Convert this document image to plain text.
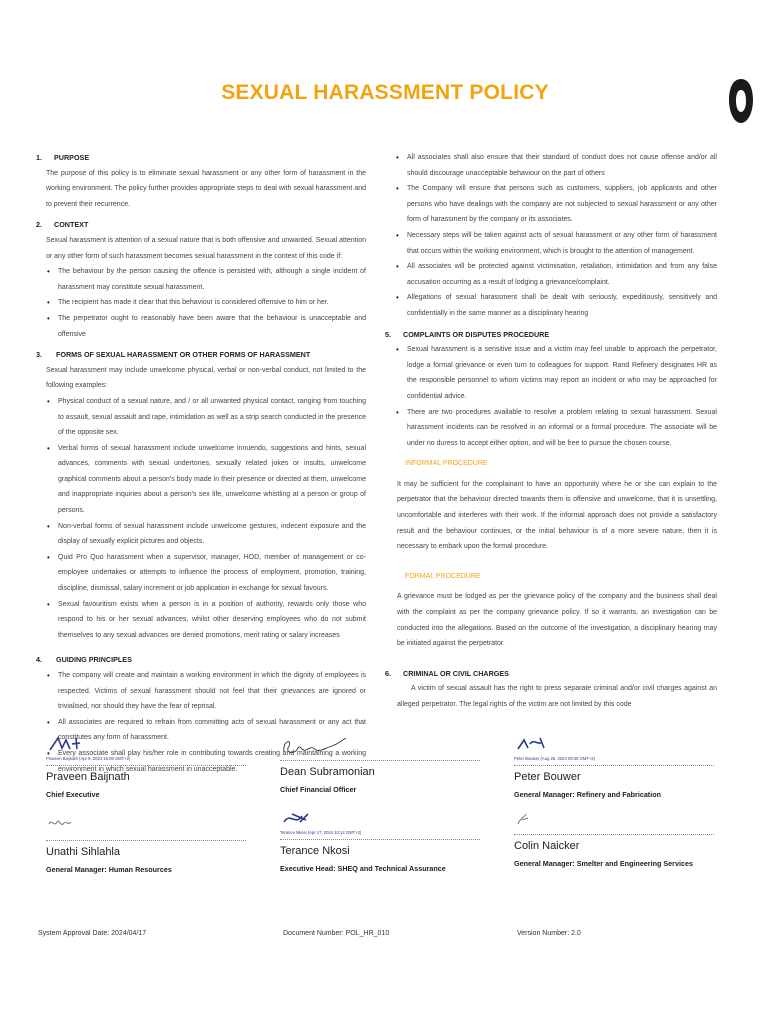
SEXUAL HARASSMENT POLICY
1.	PURPOSE

The purpose of this policy is to eliminate sexual harassment or any other form of harassment in the working environment. The policy further provides appropriate steps to deal with sexual harassment and to prevent their recurrence.

2.	CONTEXT

Sexual harassment is attention of a sexual nature that is both offensive and unwanted. Sexual attention or any other form of such harassment becomes sexual harassment in the context of this code if:

• The behaviour by the person causing the offence is persisted with, although a single incident of harassment may constitute sexual harassment.
• The recipient has made it clear that this behaviour is considered offensive to him or her.
• The perpetrator ought to reasonably have been aware that the behaviour is unacceptable and offensive
3.	FORMS OF SEXUAL HARASSMENT OR OTHER FORMS OF HARASSMENT

Sexual harassment may include unwelcome physical, verbal or non-verbal conduct, not limited to the following examples:

• Physical conduct of a sexual nature, and / or all unwanted physical contact, ranging from touching to assault, sexual assault and rape, intimidation as well as a strip search conducted in the presence of the opposite sex.
• Verbal forms of sexual harassment include unwelcome innuendo, suggestions and hints, sexual advances, comments with sexual undertones, sexually related jokes or insults, unwelcome graphical comments about a person's body made in their presence or directed at them, unwelcome and inappropriate inquiries about a person's sex life, unwelcome whistling at a person or group of persons.
• Non-verbal forms of sexual harassment include unwelcome gestures, indecent exposure and the display of sexually explicit pictures and objects.
• Quid Pro Quo harassment when a supervisor, manager, HOD, member of management or co-employee undertakes or attempts to influence the process of employment, promotion, training, discipline, dismissal, salary increment or job application in exchange for sexual favours.
• Sexual favouritism exists when a person is in a position of authority, rewards only those who respond to his or her sexual advances, whilst other deserving employees who do not submit themselves to any sexual advances are denied promotions, merit rating or salary increases
4.	GUIDING PRINCIPLES
• The company will create and maintain a working environment in which the dignity of employees is respected. Victims of sexual harassment should not feel that their grievances are ignored or trivialised, nor should they have the fear of reprisal.
• All associates are required to refrain from committing acts of sexual harassment or any act that constitutes any form of harassment.
• Every associate shall play his/her role in contributing towards creating and maintaining a working environment in which sexual harassment in unacceptable.
• All associates shall also ensure that their standard of conduct does not cause offense and/or all should discourage unacceptable behaviour on the part of others
• The Company will ensure that persons such as customers, suppliers, job applicants and other persons who have dealings with the company are not subjected to sexual harassment or any other form of harassment by the company or its associates.
• Necessary steps will be taken against acts of sexual harassment or any other form of harassment that occurs within the working environment, which is brought to the attention of management.
• All associates will be protected against victimisation, retaliation, intimidation and from any false accusation occurring as a result of lodging a grievance/complaint.
• Allegations of sexual harassment shall be dealt with seriously, expeditiously, sensitively and confidentially in the same manner as a disciplinary hearing
5.	COMPLAINTS OR DISPUTES PROCEDURE
• Sexual harassment is a sensitive issue and a victim may feel unable to approach the perpetrator, lodge a formal grievance or even turn to colleagues for support. Rand Refinery designates HR as the responsible personnel to whom victims may report an incident or who may be approached for confidential advice.
• There are two procedures available to resolve a problem relating to sexual harassment. Sexual harassment incidents can be resolved in an informal or a formal procedure. The associate will be under no duress to accept either option, and will be free to pursue the chosen course.

INFORMAL PROCEDURE

It may be sufficient for the complainant to have an opportunity where he or she can explain to the perpetrator that the behaviour directed towards them is offensive and unwelcome, that it is unsettling, uncomfortable and interferes with their work. If the informal approach does not provide a satisfactory result and the behaviour continues, or the initial behaviour is of a more severe nature, then it is necessary to embark upon the formal procedure.

FORMAL PROCEDURE

A grievance must be lodged as per the grievance policy of the company and the business shall deal with the complaint as per the company grievance policy. If so it warrants, an investigation can be conducted into the allegations. Based on the outcome of the investigation, a disciplinary hearing may be initiated against the perpetrator.

6.	CRIMINAL OR CIVIL CHARGES

A victim of sexual assault has the right to press separate criminal and/or civil charges against an alleged perpetrator. The legal rights of the victim are not limited by this code

Praveen Baijnath (Apr 9, 2024 16:09 GMT+2)
Praveen Baijnath
Chief Executive
Dean Subramonian
Chief Financial Officer
Peter Bouwer (Aug 26, 2024 09:46 GMT+2)
Peter Bouwer
General Manager: Refinery and Fabrication
Unathi Sihlahla
General Manager: Human Resources
Terance Nkosi (Apr 17, 2024 10:14 GMT+2)
Terance Nkosi
Executive Head: SHEQ and Technical Assurance
Colin Naicker
General Manager: Smelter and Engineering Services
System Approval Date: 2024/04/17	Document Number: POL_HR_010	Version Number: 2.0
